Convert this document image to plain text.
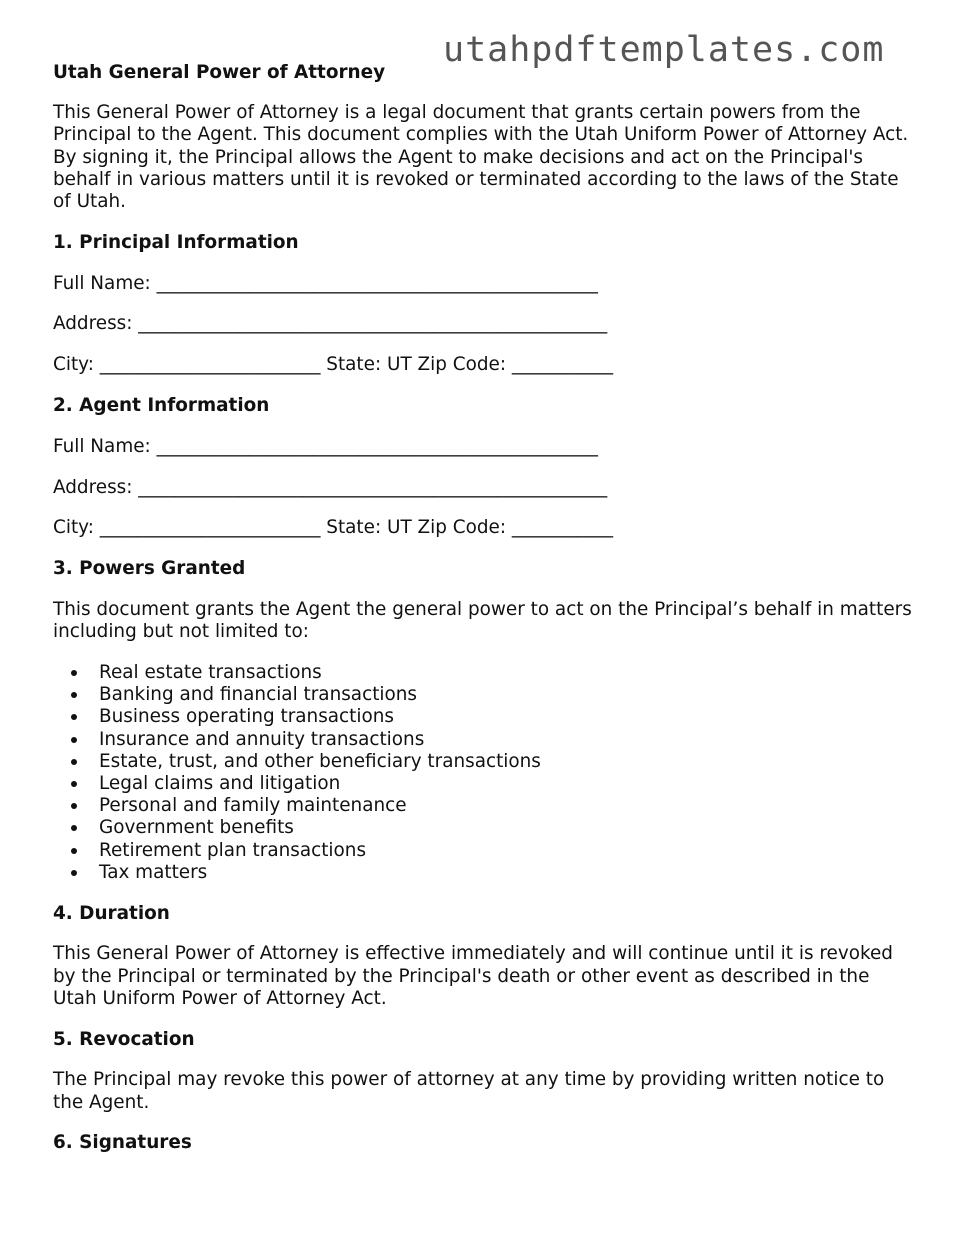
utahpdftemplates.com
Utah General Power of Attorney

This General Power of Attorney is a legal document that grants certain powers from the Principal to the Agent. This document complies with the Utah Uniform Power of Attorney Act. By signing it, the Principal allows the Agent to make decisions and act on the Principal's behalf in various matters until it is revoked or terminated according to the laws of the State of Utah.

1. Principal Information
Full Name: ________________________________________________
Address: ___________________________________________________
City: ________________________ State: UT Zip Code: ___________
2. Agent Information
Full Name: ________________________________________________
Address: ___________________________________________________
City: ________________________ State: UT Zip Code: ___________
3. Powers Granted

This document grants the Agent the general power to act on the Principal’s behalf in matters including but not limited to:

Real estate transactions
Banking and financial transactions
Business operating transactions
Insurance and annuity transactions
Estate, trust, and other beneficiary transactions
Legal claims and litigation
Personal and family maintenance
Government benefits
Retirement plan transactions
Tax matters
4. Duration

This General Power of Attorney is effective immediately and will continue until it is revoked by the Principal or terminated by the Principal's death or other event as described in the Utah Uniform Power of Attorney Act.

5. Revocation

The Principal may revoke this power of attorney at any time by providing written notice to the Agent.

6. Signatures
